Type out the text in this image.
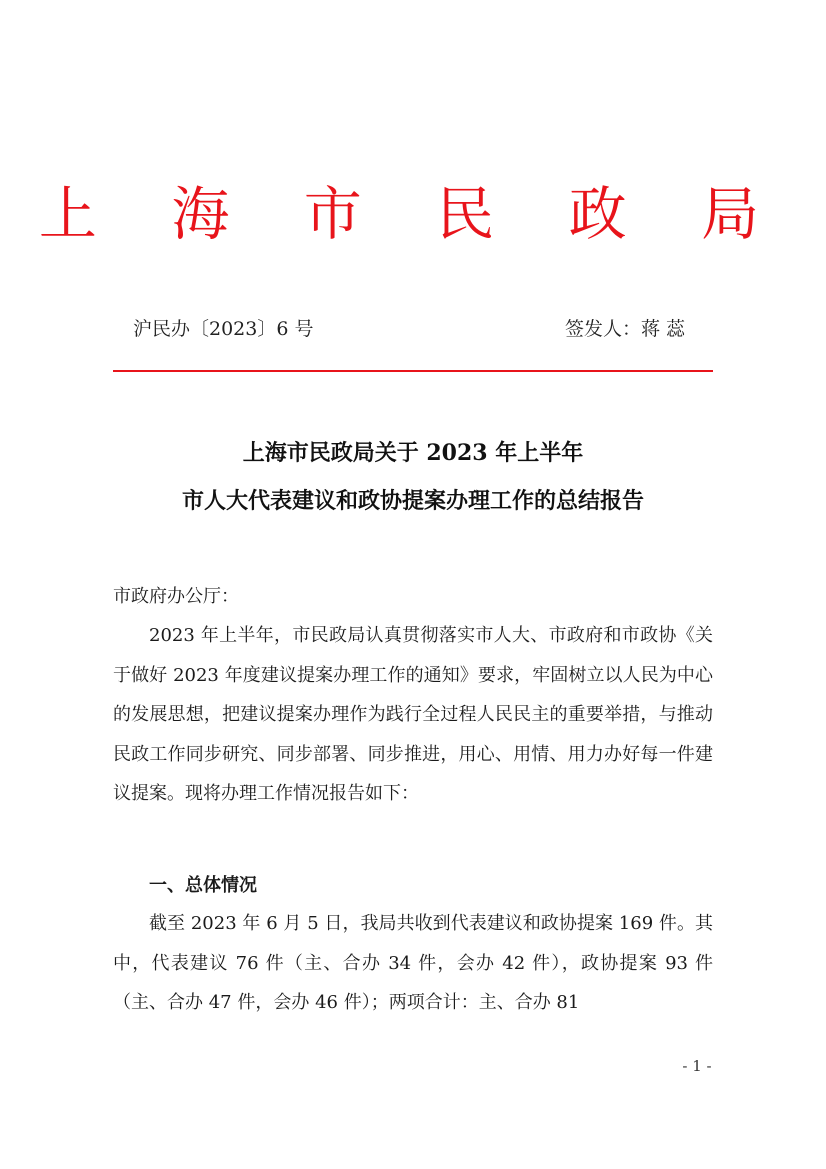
上 海 市 民 政 局
沪民办〔2023〕6 号	签发人：蒋 蕊
上海市民政局关于 2023 年上半年
市人大代表建议和政协提案办理工作的总结报告
市政府办公厅：
2023 年上半年，市民政局认真贯彻落实市人大、市政府和市政协《关于做好 2023 年度建议提案办理工作的通知》要求，牢固树立以人民为中心的发展思想，把建议提案办理作为践行全过程人民民主的重要举措，与推动民政工作同步研究、同步部署、同步推进，用心、用情、用力办好每一件建议提案。现将办理工作情况报告如下：
一、总体情况
截至 2023 年 6 月 5 日，我局共收到代表建议和政协提案 169 件。其中，代表建议 76 件（主、合办 34 件，会办 42 件），政协提案 93 件（主、合办 47 件，会办 46 件）；两项合计：主、合办 81
- 1 -
